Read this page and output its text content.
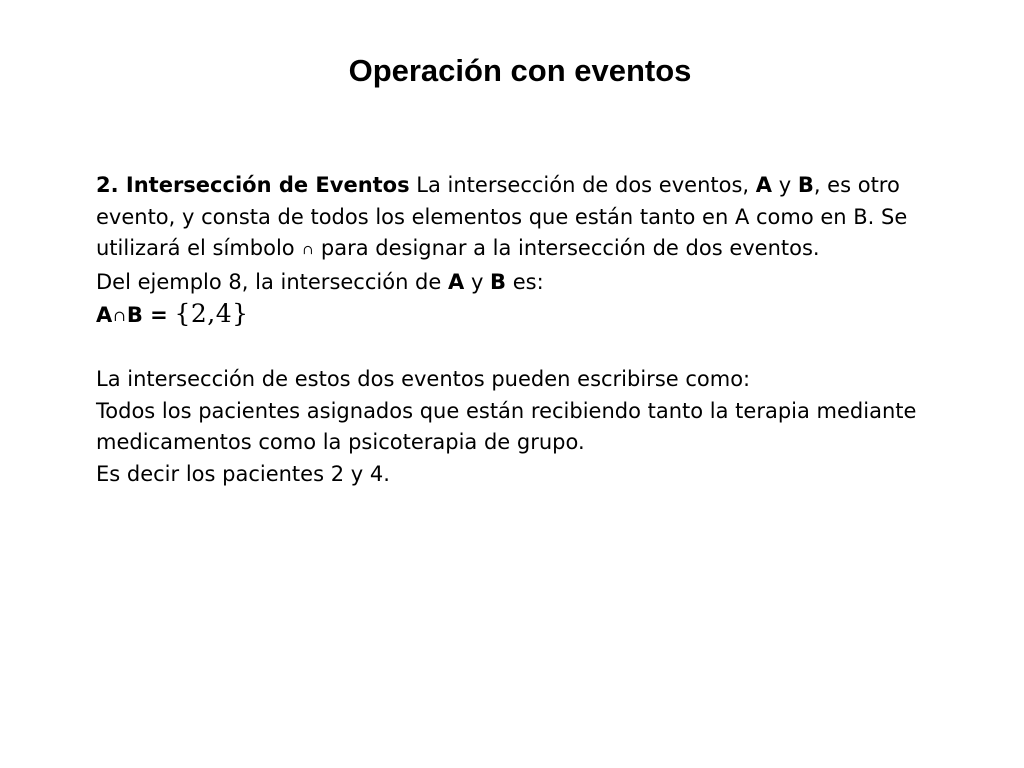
Operación con eventos

2. Intersección de Eventos La intersección de dos eventos, A y B, es otro evento, y consta de todos los elementos que están tanto en A como en B. Se utilizará el símbolo ∩ para designar a la intersección de dos eventos.

Del ejemplo 8, la intersección de A y B es:

A∩B = {2,4}

La intersección de estos dos eventos pueden escribirse como:

Todos los pacientes asignados que están recibiendo tanto la terapia mediante medicamentos como la psicoterapia de grupo.

Es decir los pacientes 2 y 4.
